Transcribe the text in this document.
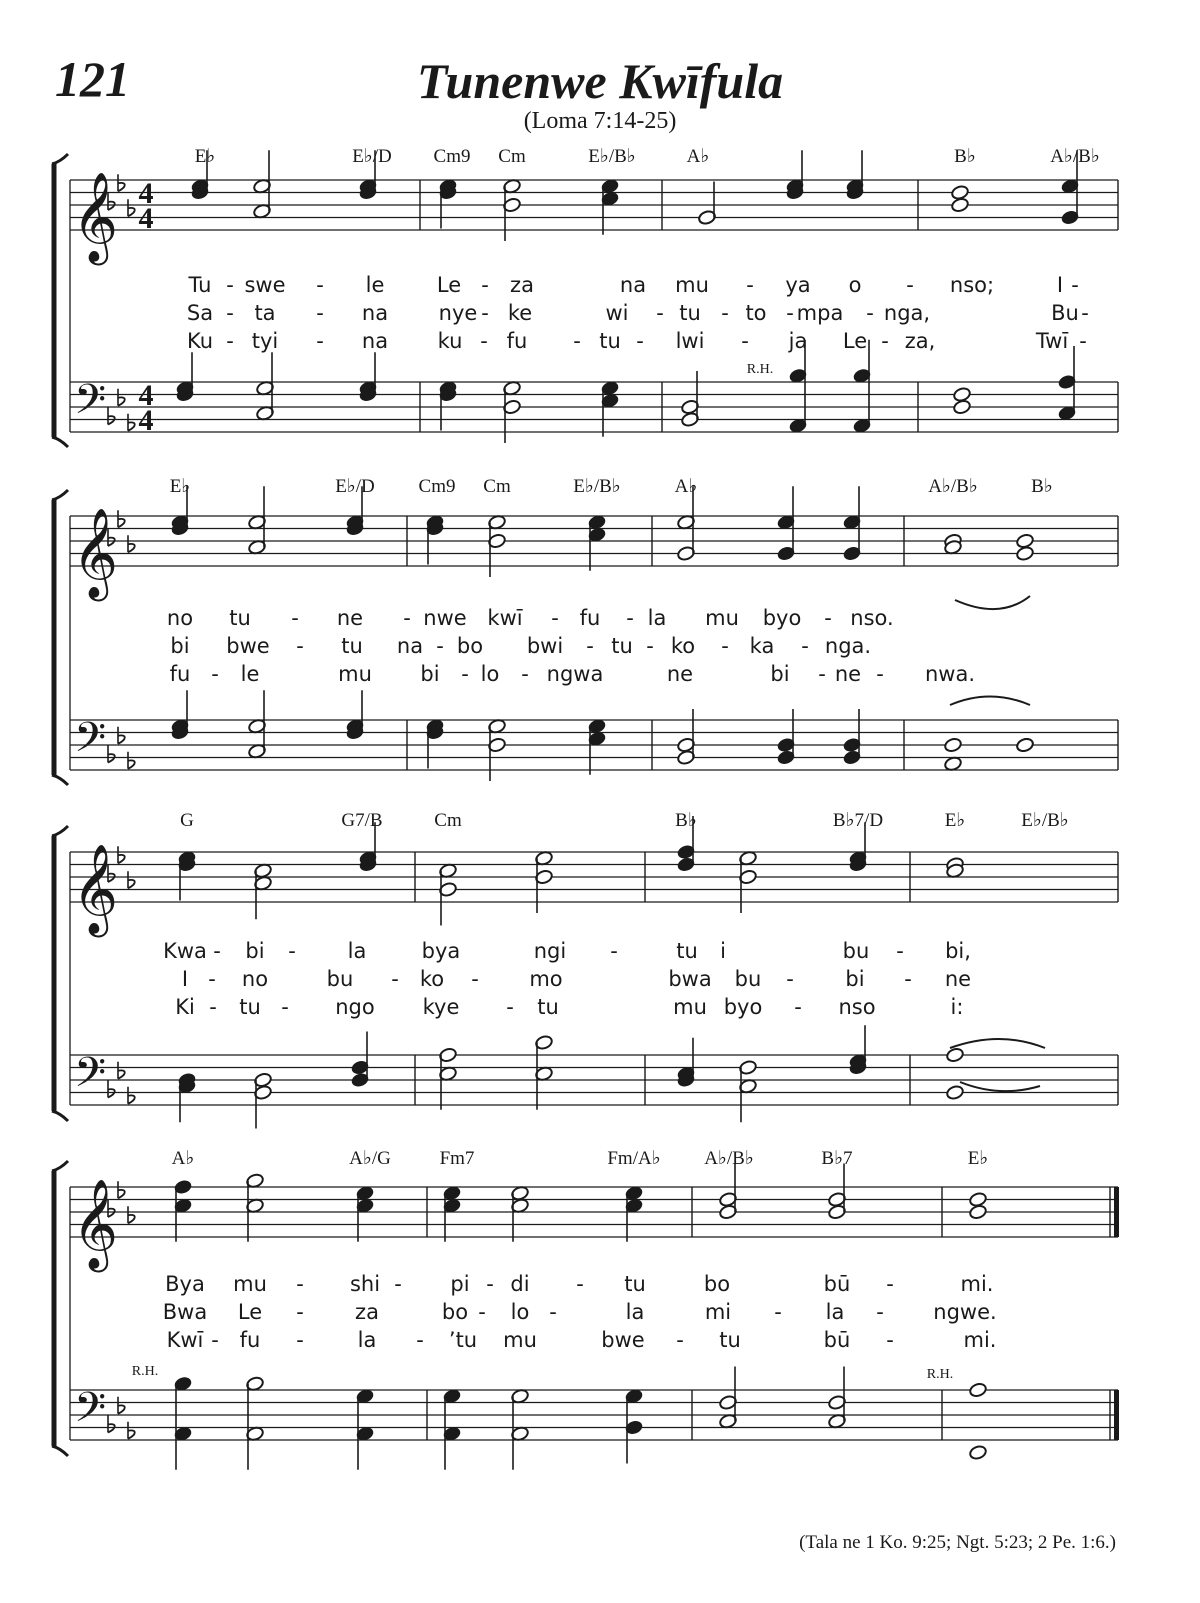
121	Tunenwe Kwīfula
(Loma 7:14-25)
𝄞
𝄢
4
4
4
4
E♭	E♭/D Cm9 Cm	E♭/B♭	A♭	B♭	A♭/B♭
Tu - swe - le Le - za	na mu - ya o - nso;	I -
Sa - ta - na nye - ke	wi - tu - to - mpa - nga,	Bu -
Ku - tyi - na ku - fu - tu - lwi - ja Le - za,	Twī -
𝄞
𝄢
E♭	E♭/D Cm9 Cm	E♭/B♭	A♭	A♭/B♭	B♭
no tu - ne - nwe kwī - fu - la mu byo - nso.
bi bwe - tu na - bo bwi - tu - ko - ka - nga.
fu - le	mu bi - lo - ngwa	ne	bi - ne - nwa.
𝄞
𝄢
G	G7/B	Cm	B♭	B♭7/D	E♭	E♭/B♭
Kwa - bi - la	bya	ngi -	tu i	bu - bi,
I - no	bu - ko - mo	bwa bu - bi - ne
Ki - tu - ngo kye - tu	mu byo - nso	i:
𝄞
𝄢
A♭	A♭/G	Fm7	Fm/A♭ A♭/B♭	B♭7	E♭
Bya mu - shi - pi - di - tu	bo	bū -	mi.
Bwa Le - za	bo - lo -	la	mi - la - ngwe.
Kwī - fu -	la - ’tu mu	bwe - tu	bū -	mi.
R.H.
R.H.	R.H.
(Tala ne 1 Ko. 9:25; Ngt. 5:23; 2 Pe. 1:6.)
